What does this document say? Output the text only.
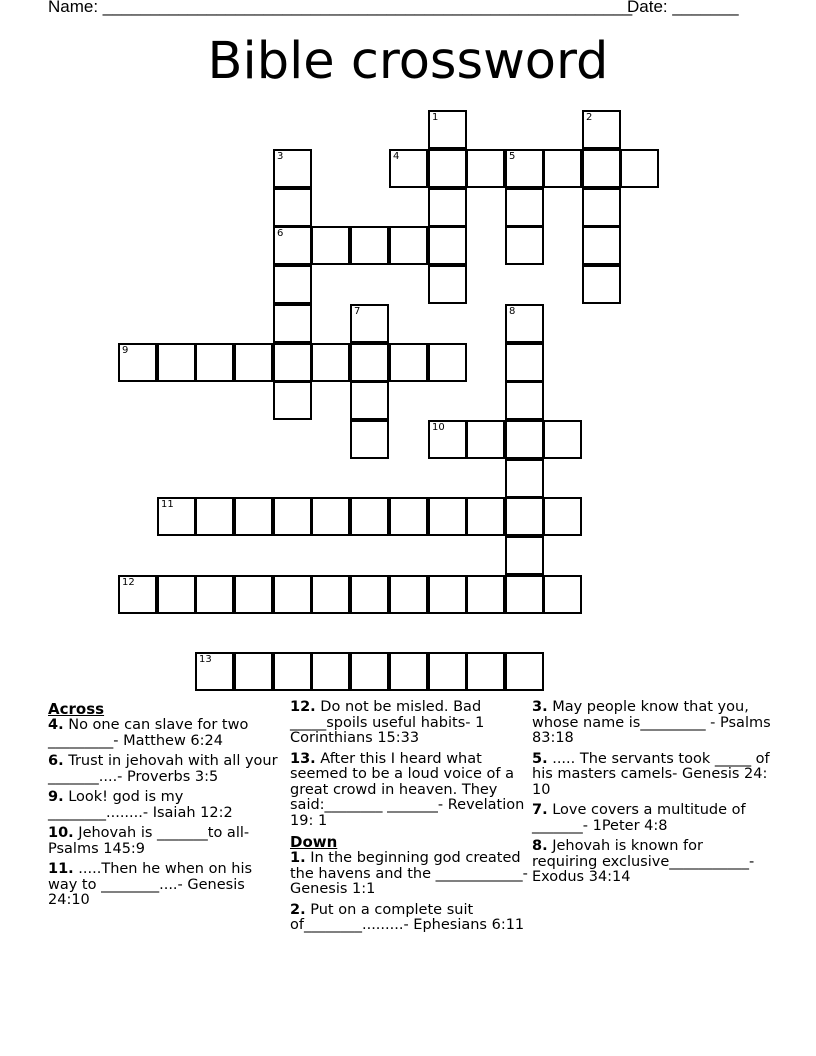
Name: ________________________________________________________
Date: _______
Bible crossword
1	2
3	4	5
6
7	8
9
10
11
12
13
Across
4. No one can slave for two _________- Matthew 6:24
6. Trust in jehovah with all your _______....- Proverbs 3:5
9. Look! god is my ________........- Isaiah 12:2
10. Jehovah is _______to all- Psalms 145:9
11. .....Then he when on his way to ________....- Genesis 24:10
12. Do not be misled. Bad _____spoils useful habits- 1 Corinthians 15:33
13. After this I heard what seemed to be a loud voice of a great crowd in heaven. They said:________ _______- Revelation 19: 1
Down
1. In the beginning god created the havens and the ____________- Genesis 1:1
2. Put on a complete suit of________.........- Ephesians 6:11
3. May people know that you, whose name is_________ - Psalms 83:18
5. ..... The servants took _____ of his masters camels- Genesis 24: 10
7. Love covers a multitude of _______- 1Peter 4:8
8. Jehovah is known for requiring exclusive___________- Exodus 34:14
